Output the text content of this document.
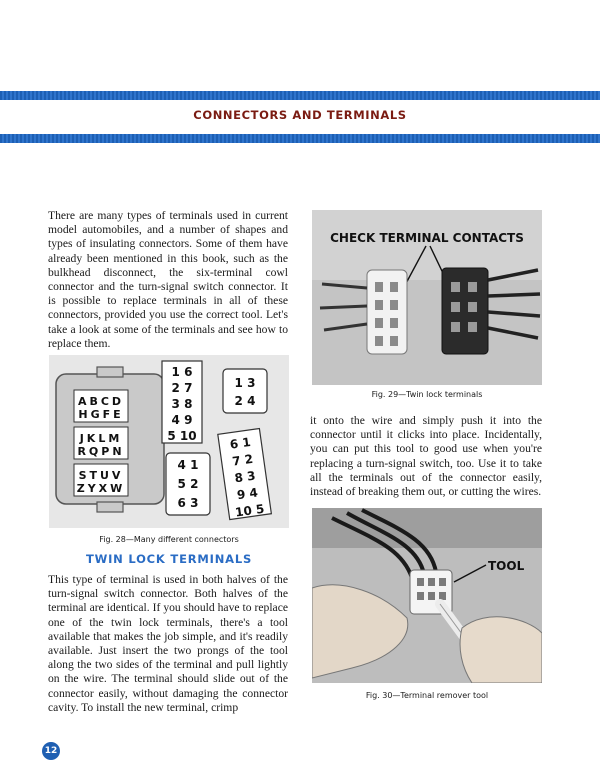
CONNECTORS AND TERMINALS

There are many types of terminals used in current model automobiles, and a number of shapes and types of insulating connectors. Some of them have already been mentioned in this book, such as the bulkhead disconnect, the six-terminal cowl connector and the turn-signal switch connector. It is possible to replace terminals in all of these connectors, provided you use the correct tool. Let's take a look at some of the terminals and see how to replace them.

ABCD
HGFE
JKLM
RQPN
STUV
ZYXW
1 6
2 7
3 8
4 9
5 10
1 3
2 4
4 1
5 2
6 3
6 1
7 2
8 3
9 4
10 5
Fig. 28—Many different connectors
TWIN LOCK TERMINALS

This type of terminal is used in both halves of the turn-signal switch connector. Both halves of the terminal are identical. If you should have to replace one of the twin lock terminals, there's a tool available that makes the job simple, and it's readily available. Just insert the two prongs of the tool along the two sides of the terminal and pull lightly on the wire. The terminal should slide out of the connector easily, without damaging the connector cavity. To install the new terminal, crimp

CHECK TERMINAL CONTACTS
Fig. 29—Twin lock terminals

it onto the wire and simply push it into the connector until it clicks into place. Incidentally, you can put this tool to good use when you're replacing a turn-signal switch, too. Use it to take all the terminals out of the connector easily, instead of breaking them out, or cutting the wires.

TOOL
Fig. 30—Terminal remover tool
12
